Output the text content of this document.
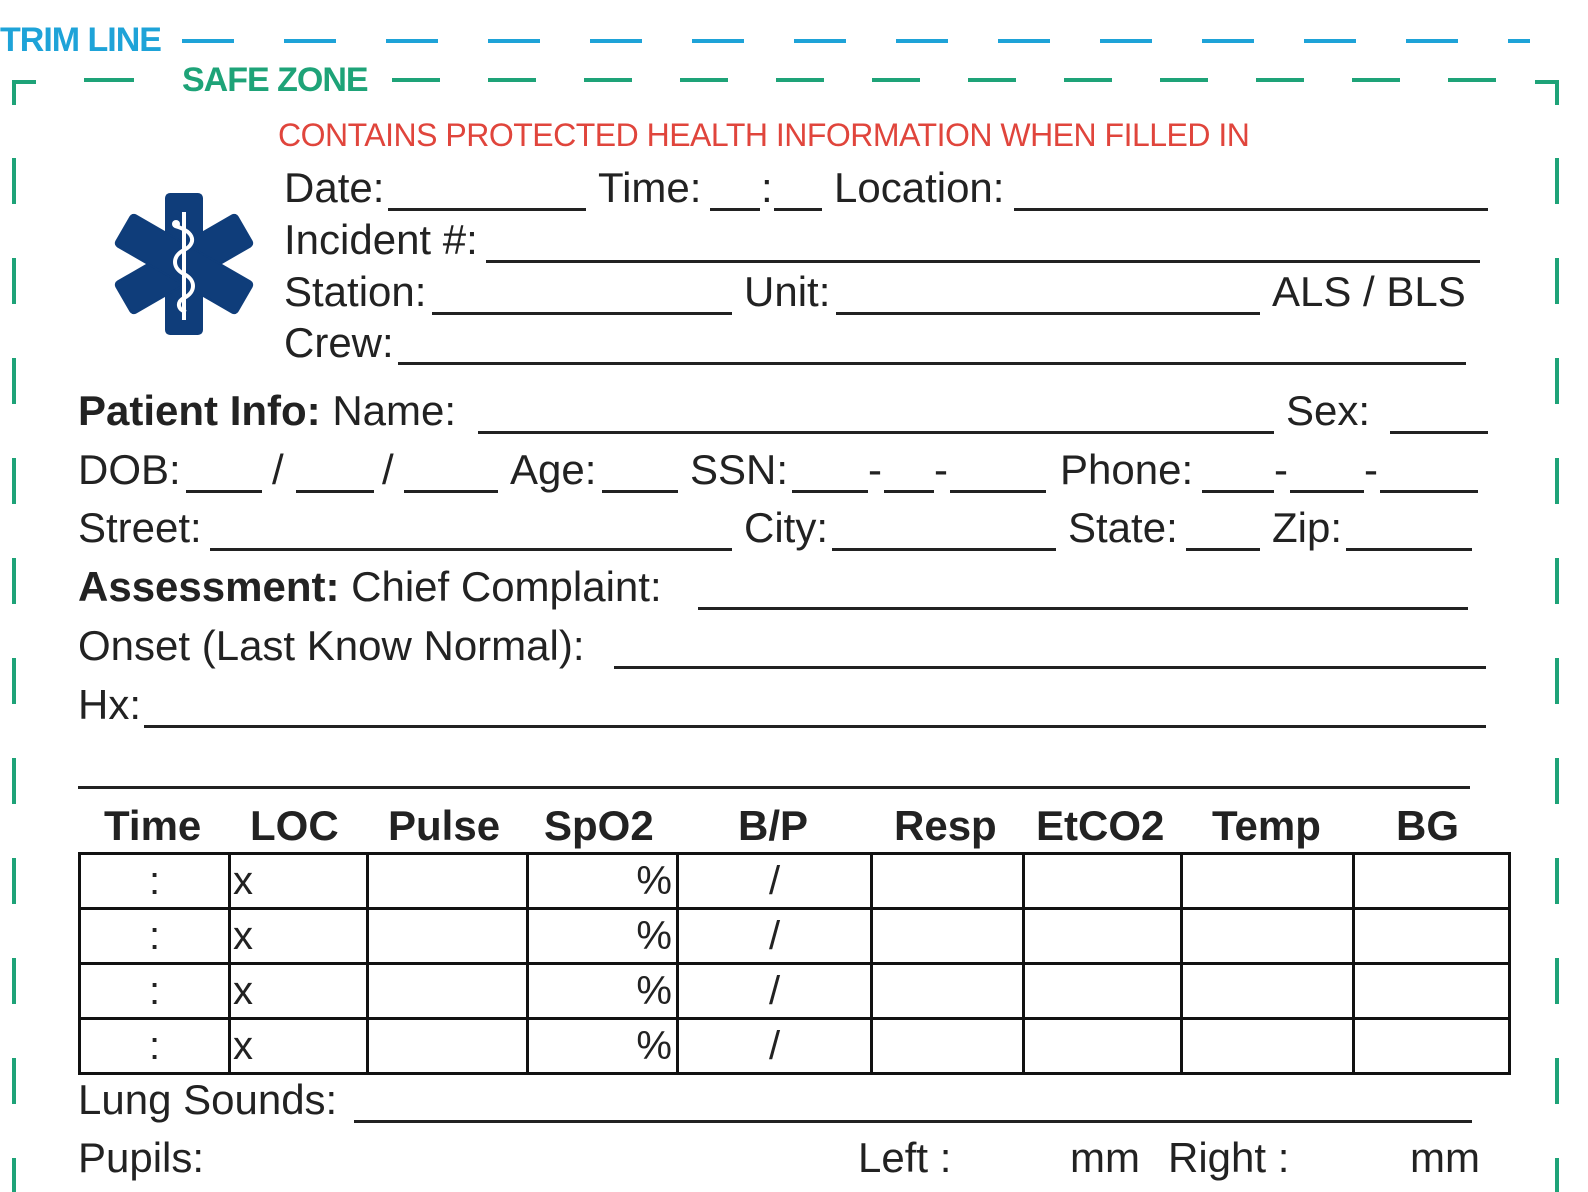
TRIM LINE
SAFE ZONE
CONTAINS PROTECTED HEALTH INFORMATION WHEN FILLED IN
Date:	Time: : Location:
Incident #:
Station:	Unit:	ALS / BLS
Crew:
Patient Info: Name:	Sex:
DOB: / /	Age: SSN: - -	Phone: - -
Street:	City:	State: Zip:
Assessment: Chief Complaint:
Onset (Last Know Normal):
Hx:
Time LOC Pulse SpO2 B/P Resp EtCO2 Temp BG
:	x		%	/				
:	x		%	/				
:	x		%	/				
:	x		%	/				
Lung Sounds:
Pupils:	Left :	mm Right :	mm
